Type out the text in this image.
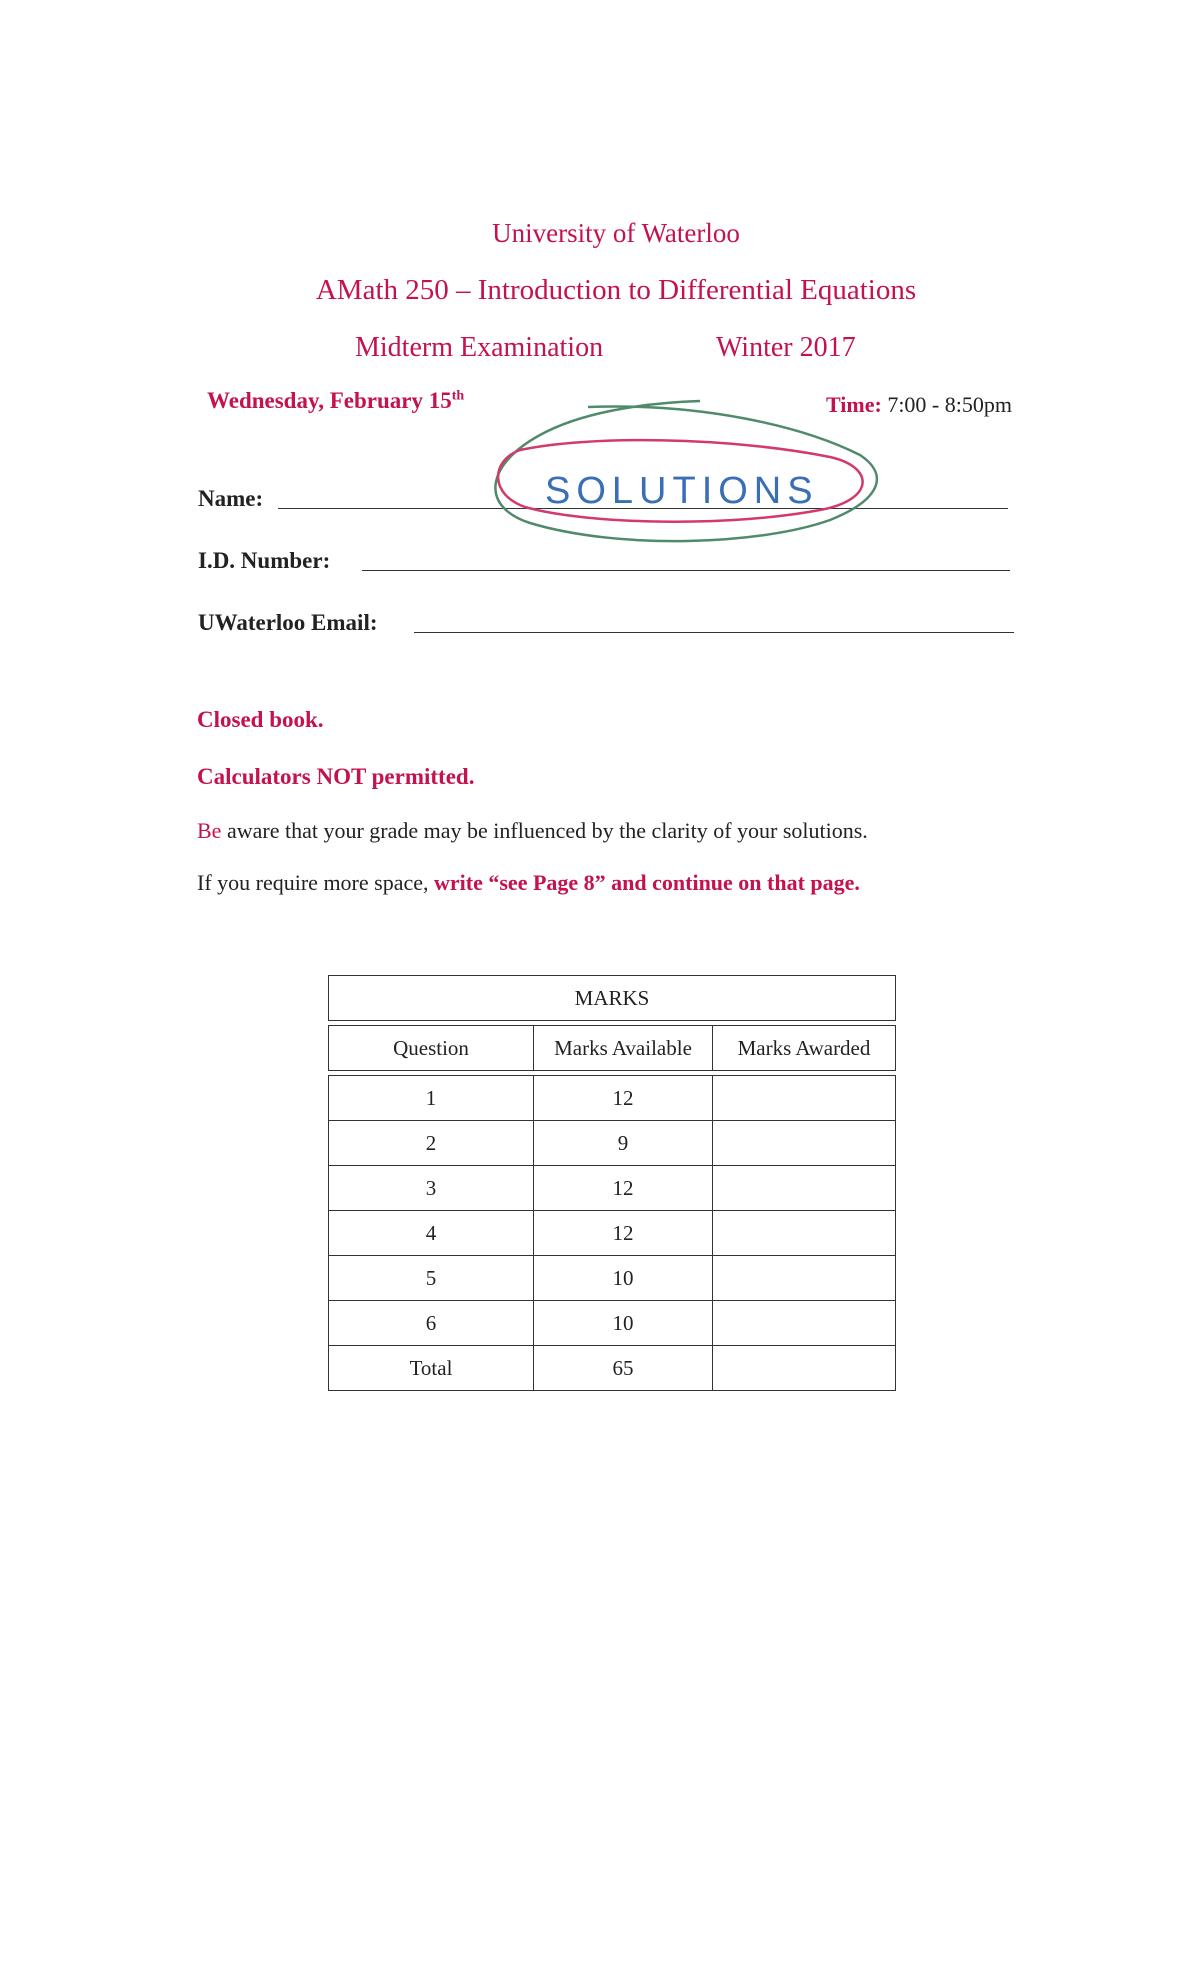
University of Waterloo
AMath 250 – Introduction to Differential Equations
Midterm Examination	Winter 2017
Wednesday, February 15th	Time: 7:00 - 8:50pm
Name:
I.D. Number:
UWaterloo Email:
SOLUTIONS
Closed book.
Calculators NOT permitted.
Be aware that your grade may be influenced by the clarity of your solutions.
If you require more space, write “see Page 8” and continue on that page.
MARKS		

Question	Marks Available	Marks Awarded

1	12	
2	9	
3	12	
4	12	
5	10	
6	10	
Total	65	
